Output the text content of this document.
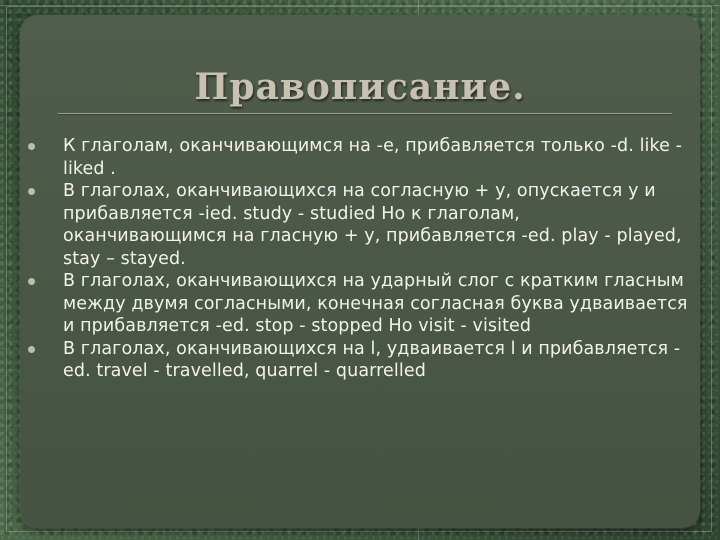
Правописание.
К глаголам, оканчивающимся на -е, прибавляется только -d. like - liked .
В глаголах, оканчивающихся на согласную + у, опускается у и прибавляется -ied. study - studied Но к глаголам, оканчивающимся на гласную + у, прибавляется -ed. play - played, stay – stayed.
В глаголах, оканчивающихся на ударный слог с кратким гласным между двумя согласными, конечная согласная буква удваивается и прибавляется -ed. stop - stopped Но visit - visited
В глаголах, оканчивающихся на l, удваивается l и прибавляется -ed. travel - travelled, quarrel - quarrelled
